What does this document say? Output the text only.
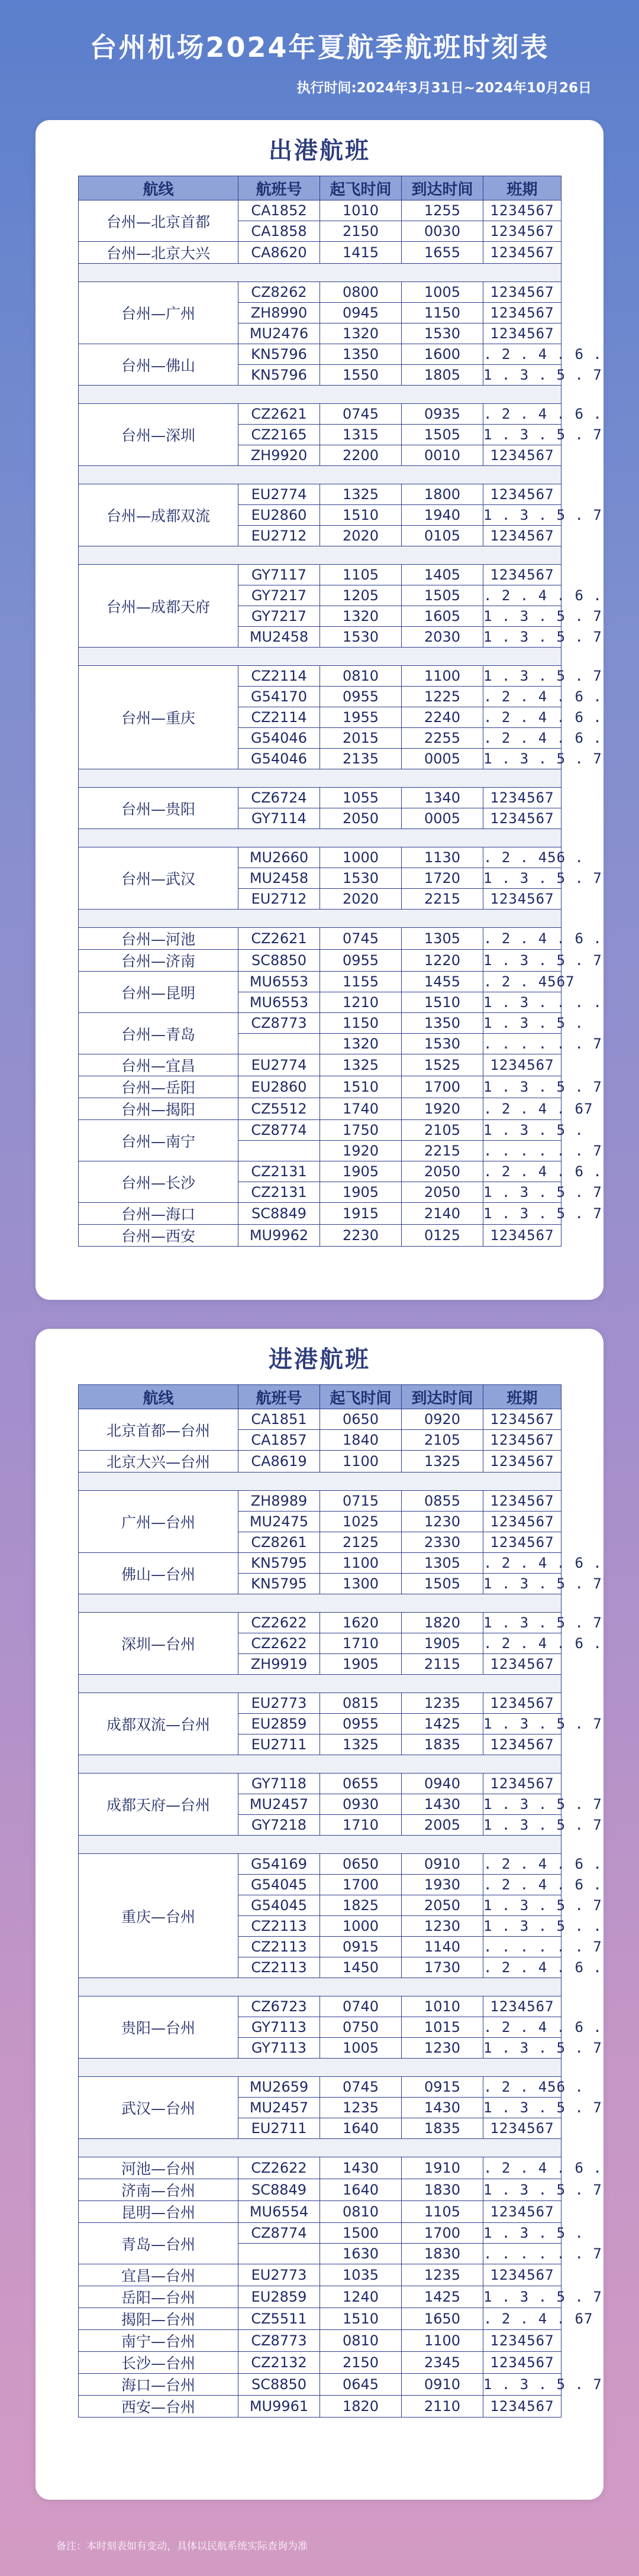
台州机场2024年夏航季航班时刻表
执行时间:2024年3月31日~2024年10月26日
出港航班
航线	航班号	起飞时间	到达时间	班期
台州—北京首都	CA1852	1010	1255	1234567
	CA1858	2150	0030	1234567
台州—北京大兴	CA8620	1415	1655	1234567

台州—广州	CZ8262	0800	1005	1234567
	ZH8990	0945	1150	1234567
	MU2476	1320	1530	1234567
台州—佛山	KN5796	1350	1600	. 2 . 4 . 6 .
	KN5796	1550	1805	1 . 3 . 5 . 7

台州—深圳	CZ2621	0745	0935	. 2 . 4 . 6 .
	CZ2165	1315	1505	1 . 3 . 5 . 7
	ZH9920	2200	0010	1234567

台州—成都双流	EU2774	1325	1800	1234567
	EU2860	1510	1940	1 . 3 . 5 . 7
	EU2712	2020	0105	1234567

台州—成都天府	GY7117	1105	1405	1234567
	GY7217	1205	1505	. 2 . 4 . 6 .
	GY7217	1320	1605	1 . 3 . 5 . 7
	MU2458	1530	2030	1 . 3 . 5 . 7

台州—重庆	CZ2114	0810	1100	1 . 3 . 5 . 7
	G54170	0955	1225	. 2 . 4 . 6 .
	CZ2114	1955	2240	. 2 . 4 . 6 .
	G54046	2015	2255	. 2 . 4 . 6 .
	G54046	2135	0005	1 . 3 . 5 . 7

台州—贵阳	CZ6724	1055	1340	1234567
	GY7114	2050	0005	1234567

台州—武汉	MU2660	1000	1130	. 2 . 456 .
	MU2458	1530	1720	1 . 3 . 5 . 7
	EU2712	2020	2215	1234567

台州—河池	CZ2621	0745	1305	. 2 . 4 . 6 .
台州—济南	SC8850	0955	1220	1 . 3 . 5 . 7
台州—昆明	MU6553	1155	1455	. 2 . 4567
	MU6553	1210	1510	1 . 3 . . . .
台州—青岛	CZ8773	1150	1350	1 . 3 . 5 .
		1320	1530	. . . . . . 7
台州—宜昌	EU2774	1325	1525	1234567
台州—岳阳	EU2860	1510	1700	1 . 3 . 5 . 7
台州—揭阳	CZ5512	1740	1920	. 2 . 4 . 67
台州—南宁	CZ8774	1750	2105	1 . 3 . 5 .
		1920	2215	. . . . . . 7
台州—长沙	CZ2131	1905	2050	. 2 . 4 . 6 .
	CZ2131	1905	2050	1 . 3 . 5 . 7
台州—海口	SC8849	1915	2140	1 . 3 . 5 . 7
台州—西安	MU9962	2230	0125	1234567
进港航班
航线	航班号	起飞时间	到达时间	班期
北京首都—台州	CA1851	0650	0920	1234567
	CA1857	1840	2105	1234567
北京大兴—台州	CA8619	1100	1325	1234567

广州—台州	ZH8989	0715	0855	1234567
	MU2475	1025	1230	1234567
	CZ8261	2125	2330	1234567
佛山—台州	KN5795	1100	1305	. 2 . 4 . 6 .
	KN5795	1300	1505	1 . 3 . 5 . 7

深圳—台州	CZ2622	1620	1820	1 . 3 . 5 . 7
	CZ2622	1710	1905	. 2 . 4 . 6 .
	ZH9919	1905	2115	1234567

成都双流—台州	EU2773	0815	1235	1234567
	EU2859	0955	1425	1 . 3 . 5 . 7
	EU2711	1325	1835	1234567

成都天府—台州	GY7118	0655	0940	1234567
	MU2457	0930	1430	1 . 3 . 5 . 7
	GY7218	1710	2005	1 . 3 . 5 . 7

重庆—台州	G54169	0650	0910	. 2 . 4 . 6 .
	G54045	1700	1930	. 2 . 4 . 6 .
	G54045	1825	2050	1 . 3 . 5 . 7
	CZ2113	1000	1230	1 . 3 . 5 . .
	CZ2113	0915	1140	. . . . . . 7
	CZ2113	1450	1730	. 2 . 4 . 6 .

贵阳—台州	CZ6723	0740	1010	1234567
	GY7113	0750	1015	. 2 . 4 . 6 .
	GY7113	1005	1230	1 . 3 . 5 . 7

武汉—台州	MU2659	0745	0915	. 2 . 456 .
	MU2457	1235	1430	1 . 3 . 5 . 7
	EU2711	1640	1835	1234567

河池—台州	CZ2622	1430	1910	. 2 . 4 . 6 .
济南—台州	SC8849	1640	1830	1 . 3 . 5 . 7
昆明—台州	MU6554	0810	1105	1234567
青岛—台州	CZ8774	1500	1700	1 . 3 . 5 .
		1630	1830	. . . . . . 7
宜昌—台州	EU2773	1035	1235	1234567
岳阳—台州	EU2859	1240	1425	1 . 3 . 5 . 7
揭阳—台州	CZ5511	1510	1650	. 2 . 4 . 67
南宁—台州	CZ8773	0810	1100	1234567
长沙—台州	CZ2132	2150	2345	1234567
海口—台州	SC8850	0645	0910	1 . 3 . 5 . 7
西安—台州	MU9961	1820	2110	1234567
备注：本时刻表如有变动，具体以民航系统实际查询为准
